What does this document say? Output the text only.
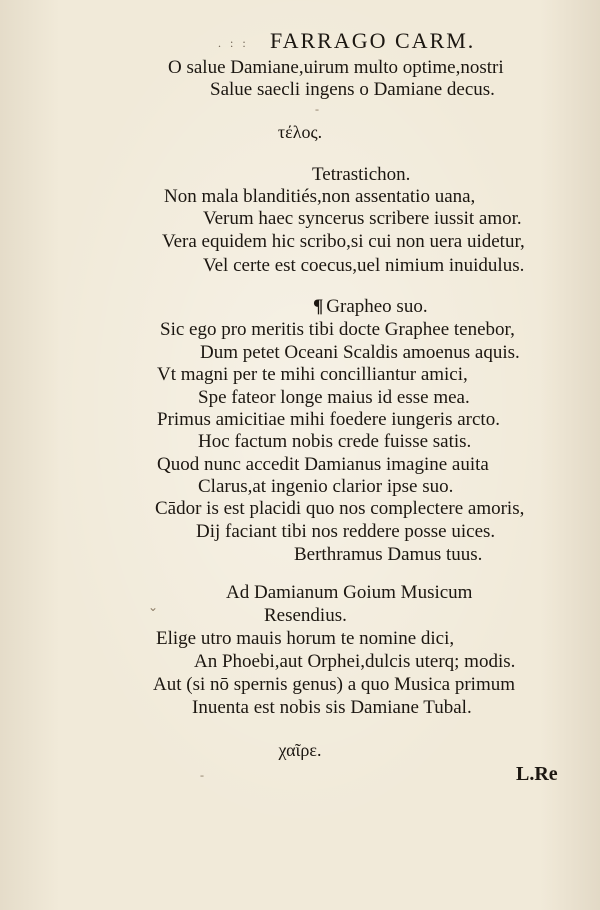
. : : FARRAGO CARM.
O salue Damiane,uirum multo optime,nostri
Salue saecli ingens o Damiane decus.
τέλος.
Tetrastichon.
Non mala blanditiés,non assentatio uana,
Verum haec syncerus scribere iussit amor.
Vera equidem hic scribo,si cui non uera uidetur,
Vel certe est coecus,uel nimium inuidulus.
¶ Grapheo suo.
Sic ego pro meritis tibi docte Graphee tenebor,
Dum petet Oceani Scaldis amoenus aquis.
Vt magni per te mihi concilliantur amici,
Spe fateor longe maius id esse mea.
Primus amicitiae mihi foedere iungeris arcto.
Hoc factum nobis crede fuisse satis.
Quod nunc accedit Damianus imagine auita
Clarus,at ingenio clarior ipse suo.
Cādor is est placidi quo nos complectere amoris,
Dij faciant tibi nos reddere posse uices.
Berthramus Damus tuus.
Ad Damianum Goium Musicum
Resendius.
Elige utro mauis horum te nomine dici,
An Phoebi,aut Orphei,dulcis uterq; modis.
Aut (si nō spernis genus) a quo Musica primum
Inuenta est nobis sis Damiane Tubal.
χαῖρε.
L.Re
-
⌄
-
